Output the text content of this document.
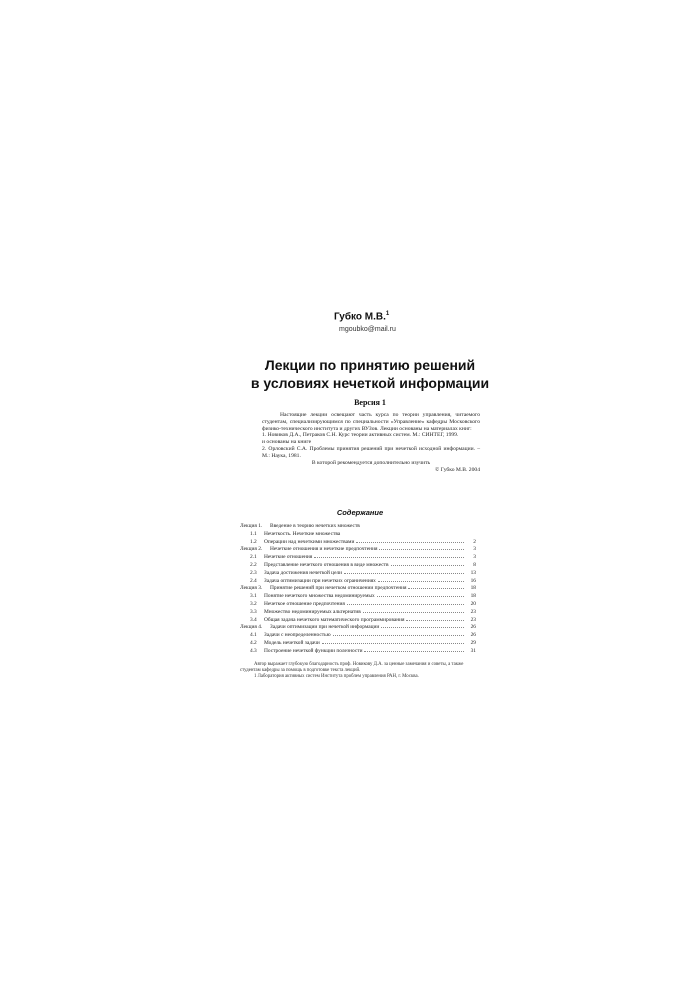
Губко М.В.$^1$
mgoubko@mail.ru
Лекции по принятию решений
в условиях нечеткой информации
Версия 1

Настоящие лекции освещают часть курса по теории управления, читаемого студентам, специализирующимся по специальности «Управление» кафедры Московского физико-технического института и других ВУЗов. Лекции основаны на материалах книг:

1. Новиков Д.А., Петраков С.Н. Курс теории активных систем. М.: СИНТЕГ, 1999.

и основаны на книге

2. Орловский С.А. Проблемы принятия решений при нечеткой исходной информации. – М.: Наука, 1981.

В которой рекомендуется дополнительно изучить

© Губко М.В. 2004

Содержание
Лекция 1.	Введение в теорию нечетких множеств
1.1	Нечеткость. Нечеткие множества
1.2	Операции над нечеткими множествами	2
Лекция 2.	Нечеткие отношения и нечеткие предпочтения	3
2.1	Нечеткие отношения	3
2.2	Представление нечеткого отношения в виде множеств	8
2.3	Задача достижения нечеткой цели	13
2.4	Задача оптимизации при нечетких ограничениях	16
Лекция 3.	Принятие решений при нечетком отношении предпочтения	18
3.1	Понятие нечеткого множества недоминируемых	18
3.2	Нечеткое отношение предпочтения	20
3.3	Множество недоминируемых альтернатив	23
3.4	Общая задача нечеткого математического программирования	23
Лекция 4.	Задачи оптимизации при нечеткой информации	26
4.1	Задачи с неопределенностью	26
4.2	Модель нечеткой задачи	29
4.3	Построение нечеткой функции полезности	31

Автор выражает глубокую благодарность проф. Новикову Д.А. за ценные замечания и советы, а также студентам кафедры за помощь в подготовке текста лекций.

1 Лаборатория активных систем Института проблем управления РАН, г. Москва.
